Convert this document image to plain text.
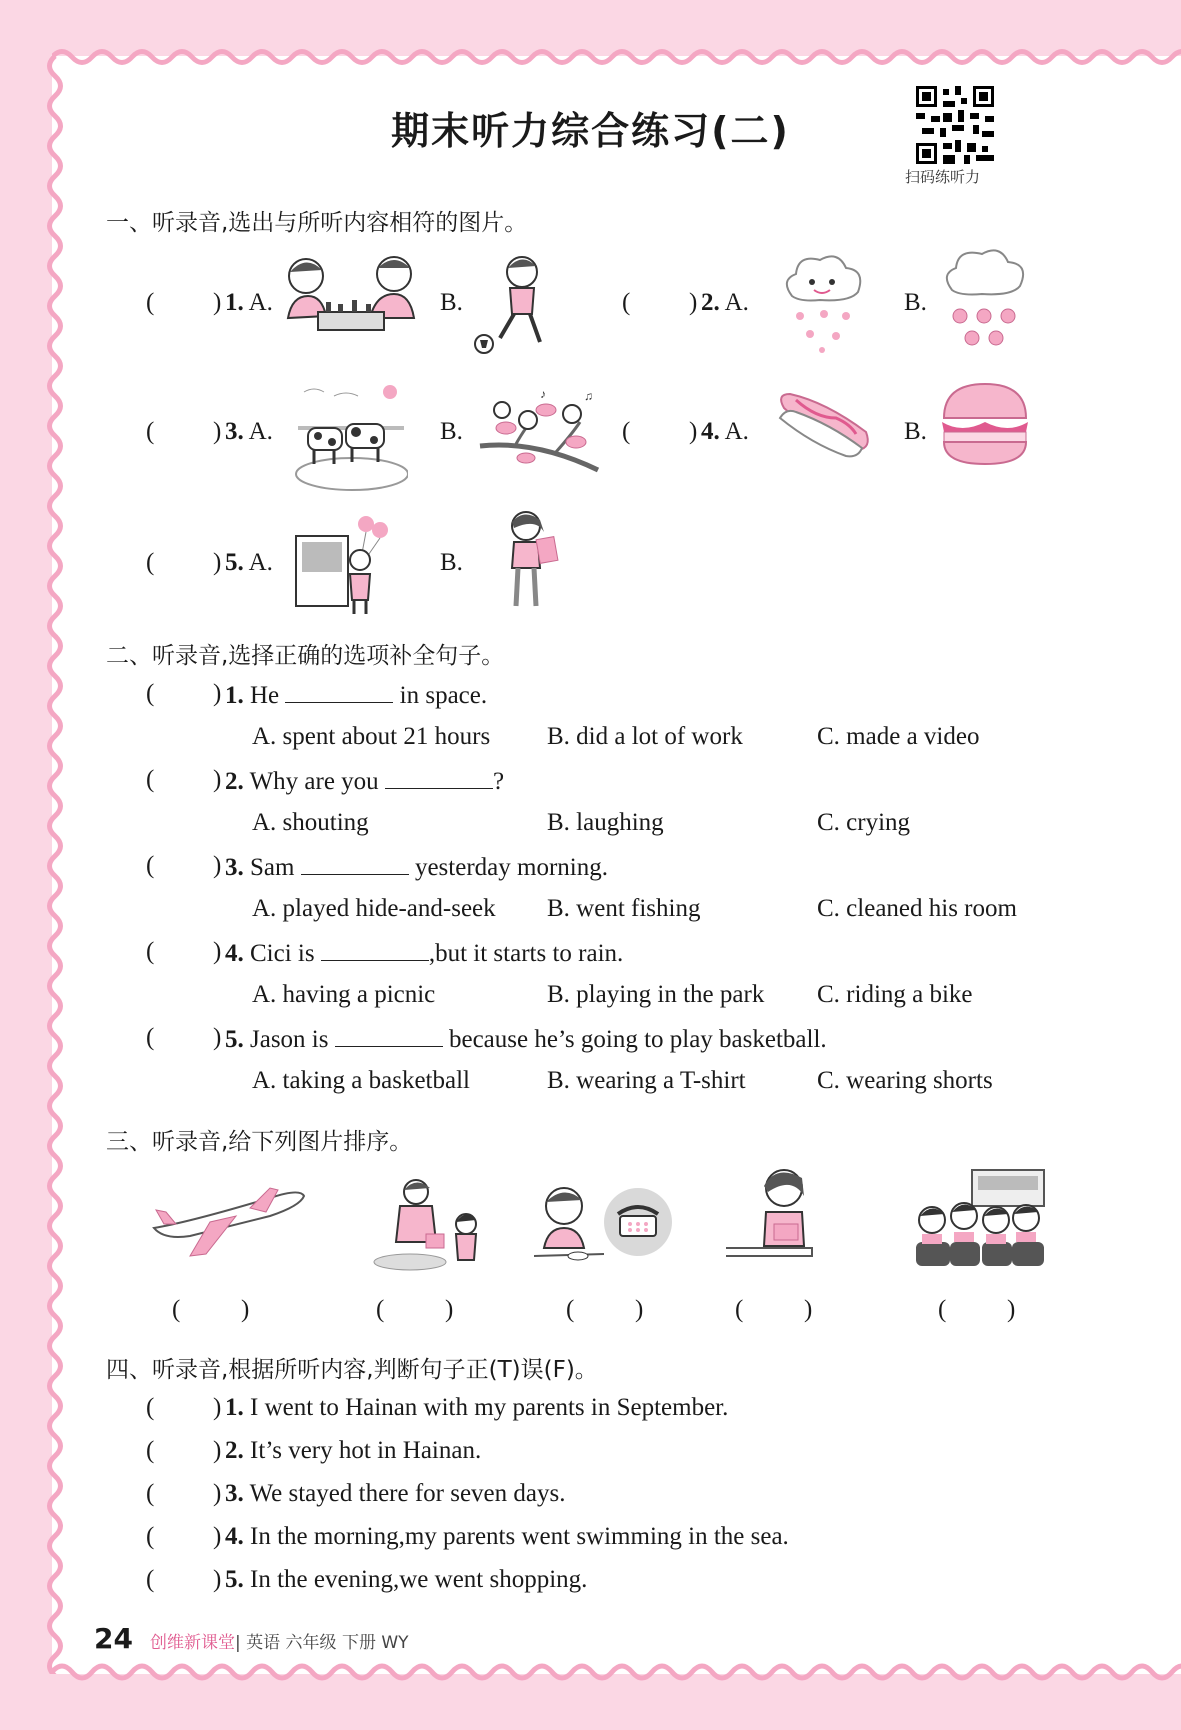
期末听力综合练习(二)
扫码练听力
一、听录音,选出与所听内容相符的图片。
( ) 1. A.	B.	( ) 2. A.	B.
( ) 3. A.	B.
♪	♫
( ) 4. A.	B.
( ) 5. A.	B.
二、听录音,选择正确的选项补全句子。
( ) 1. He	in space.
A. spent about 21 hours B. did a lot of work	C. made a video
( ) 2. Why are you	?
A. shouting	B. laughing	C. crying
( ) 3. Sam	yesterday morning.
A. played hide-and-seek B. went fishing	C. cleaned his room
( ) 4. Cici is	,but it starts to rain.
A. having a picnic	B. playing in the park C. riding a bike
( ) 5. Jason is	because he’s going to play basketball.
A. taking a basketball	B. wearing a T-shirt	C. wearing shorts
三、听录音,给下列图片排序。
( )	( )	( )	( )	( )
四、听录音,根据所听内容,判断句子正(T)误(F)。
( ) 1. I went to Hainan with my parents in September.
( ) 2. It’s very hot in Hainan.
( ) 3. We stayed there for seven days.
( ) 4. In the morning,my parents went swimming in the sea.
( ) 5. In the evening,we went shopping.
24 创维新课堂| 英语 六年级 下册 WY
